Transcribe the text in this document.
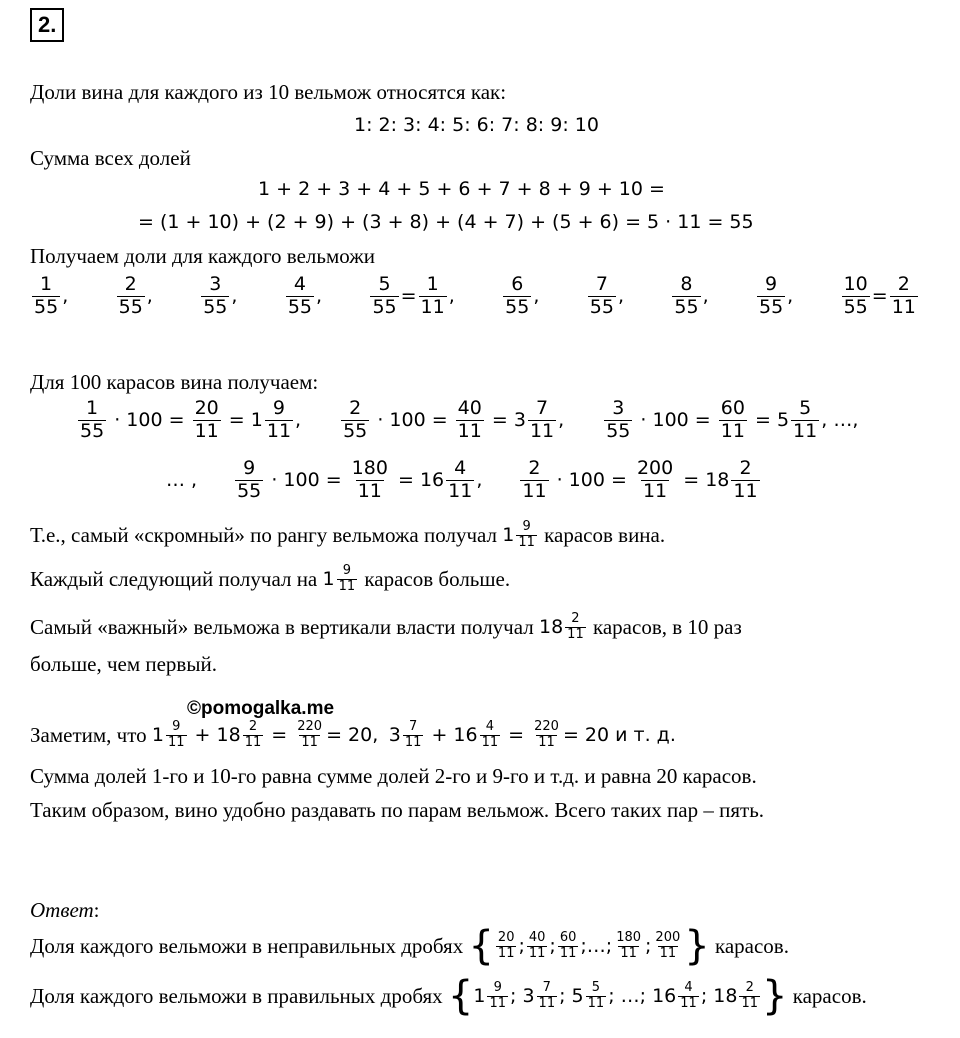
2.
Доли вина для каждого из 10 вельмож относятся как:
1: 2: 3: 4: 5: 6: 7: 8: 9: 10
Сумма всех долей
1 + 2 + 3 + 4 + 5 + 6 + 7 + 8 + 9 + 10 =
= (1 + 10) + (2 + 9) + (3 + 8) + (4 + 7) + (5 + 6) = 5 · 11 = 55
Получаем доли для каждого вельможи
$\frac{1}{55}$ ,	$\frac{2}{55}$ ,	$\frac{3}{55}$ ,	$\frac{4}{55}$ ,	$\frac{5}{55} = \frac{1}{11}$ ,	$\frac{6}{55}$ ,	$\frac{7}{55}$ ,	$\frac{8}{55}$ ,	$\frac{9}{55}$ ,	$\frac{10}{55} = \frac{2}{11}$
Для 100 карасов вина получаем:
$\frac{1}{55} \cdot 100 = \frac{20}{11} = 1 \frac{9}{11}$ , $\frac{2}{55} \cdot 100 = \frac{40}{11} = 3 \frac{7}{11}$ , $\frac{3}{55} \cdot 100 = \frac{60}{11} = 5 \frac{5}{11}$ , …,
… , $\frac{9}{55} \cdot 100 = \frac{180}{11} = 16 \frac{4}{11}$ , $\frac{2}{11} \cdot 100 = \frac{200}{11} = 18 \frac{2}{11}$
Т.е., самый «скромный» по рангу вельможа получал
$1 \frac{9}{11}$
карасов вина.
Каждый следующий получал на
$1 \frac{9}{11}$
карасов больше.
Самый «важный» вельможа в вертикали власти получал
$18 \frac{2}{11}$
карасов, в 10 раз
больше, чем первый.
©pomogalka.me
Заметим, что
$1 \frac{9}{11} + 18 \frac{2}{11} = \frac{220}{11} = 20$,
$3 \frac{7}{11} + 16 \frac{4}{11} = \frac{220}{11} = 20$ и т. д.
Сумма долей 1-го и 10-го равна сумме долей 2-го и 9-го и т.д. и равна 20 карасов.
Таким образом, вино удобно раздавать по парам вельмож. Всего таких пар – пять.
Ответ:
Доля каждого вельможи в неправильных дробях
{ $\frac{20}{11}$ ; $\frac{40}{11}$ ; $\frac{60}{11}$ ; … ; $\frac{180}{11}$ ; $\frac{200}{11}$ }
карасов.
Доля каждого вельможи в правильных дробях
{ $1 \frac{9}{11}$ ; $3 \frac{7}{11}$ ; $5 \frac{5}{11}$ ; … ; $16 \frac{4}{11}$ ; $18 \frac{2}{11}$ }
карасов.
